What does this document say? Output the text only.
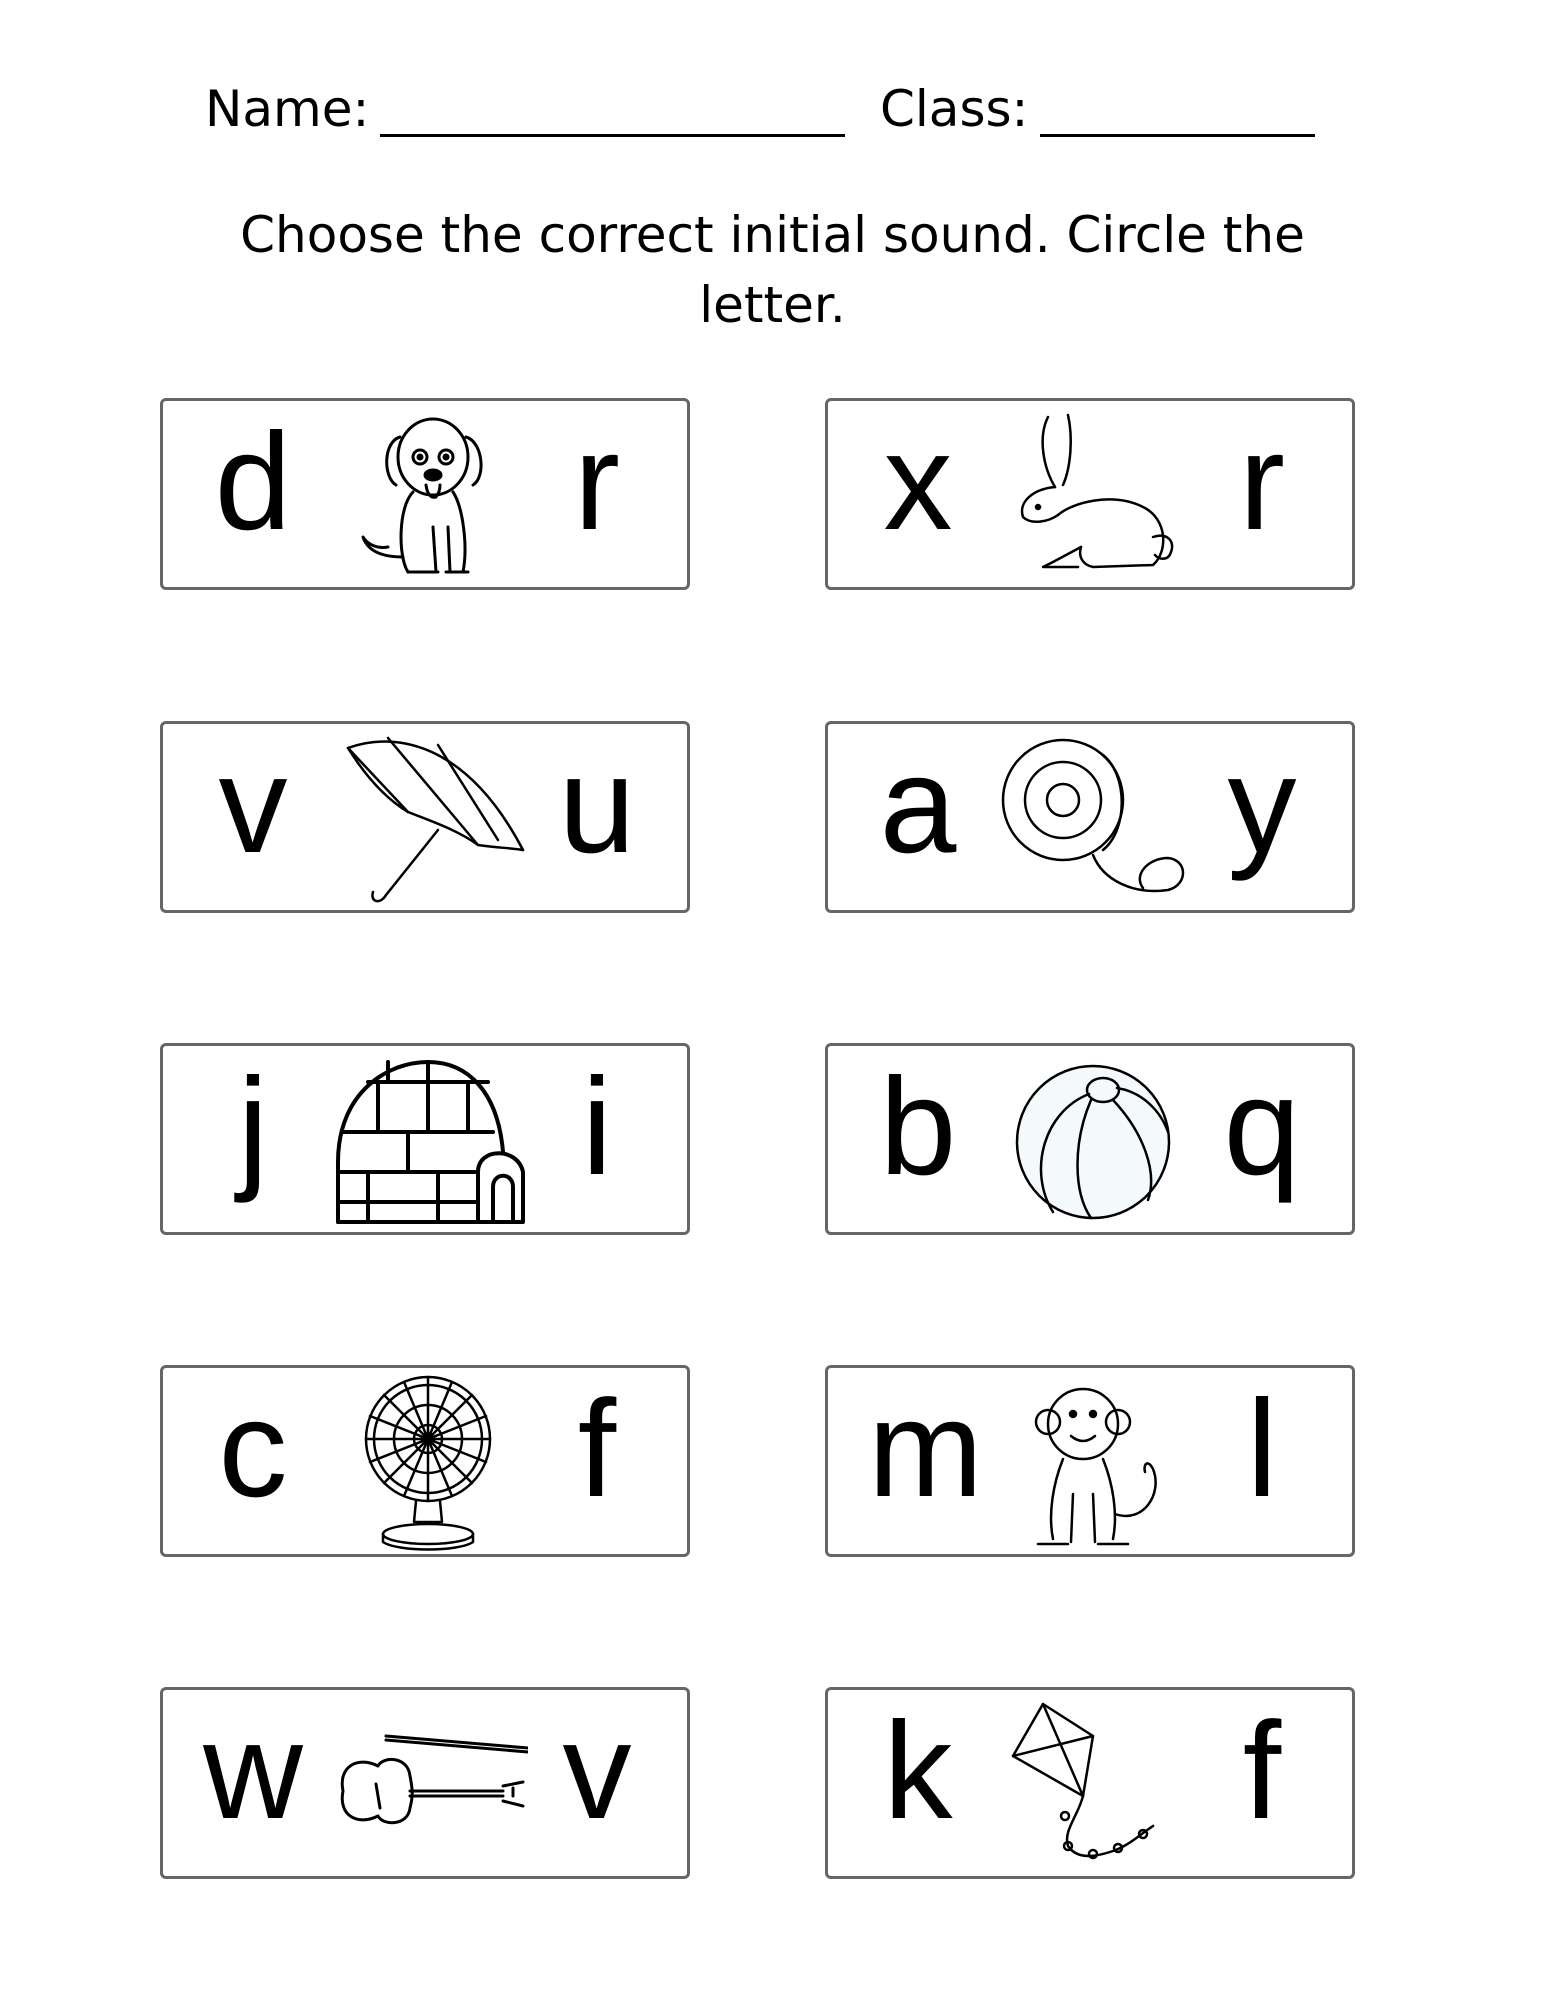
Name:	Class:
Choose the correct initial sound. Circle the letter.
d r x r
v u a y
j i b q
c f m l
w v k f
